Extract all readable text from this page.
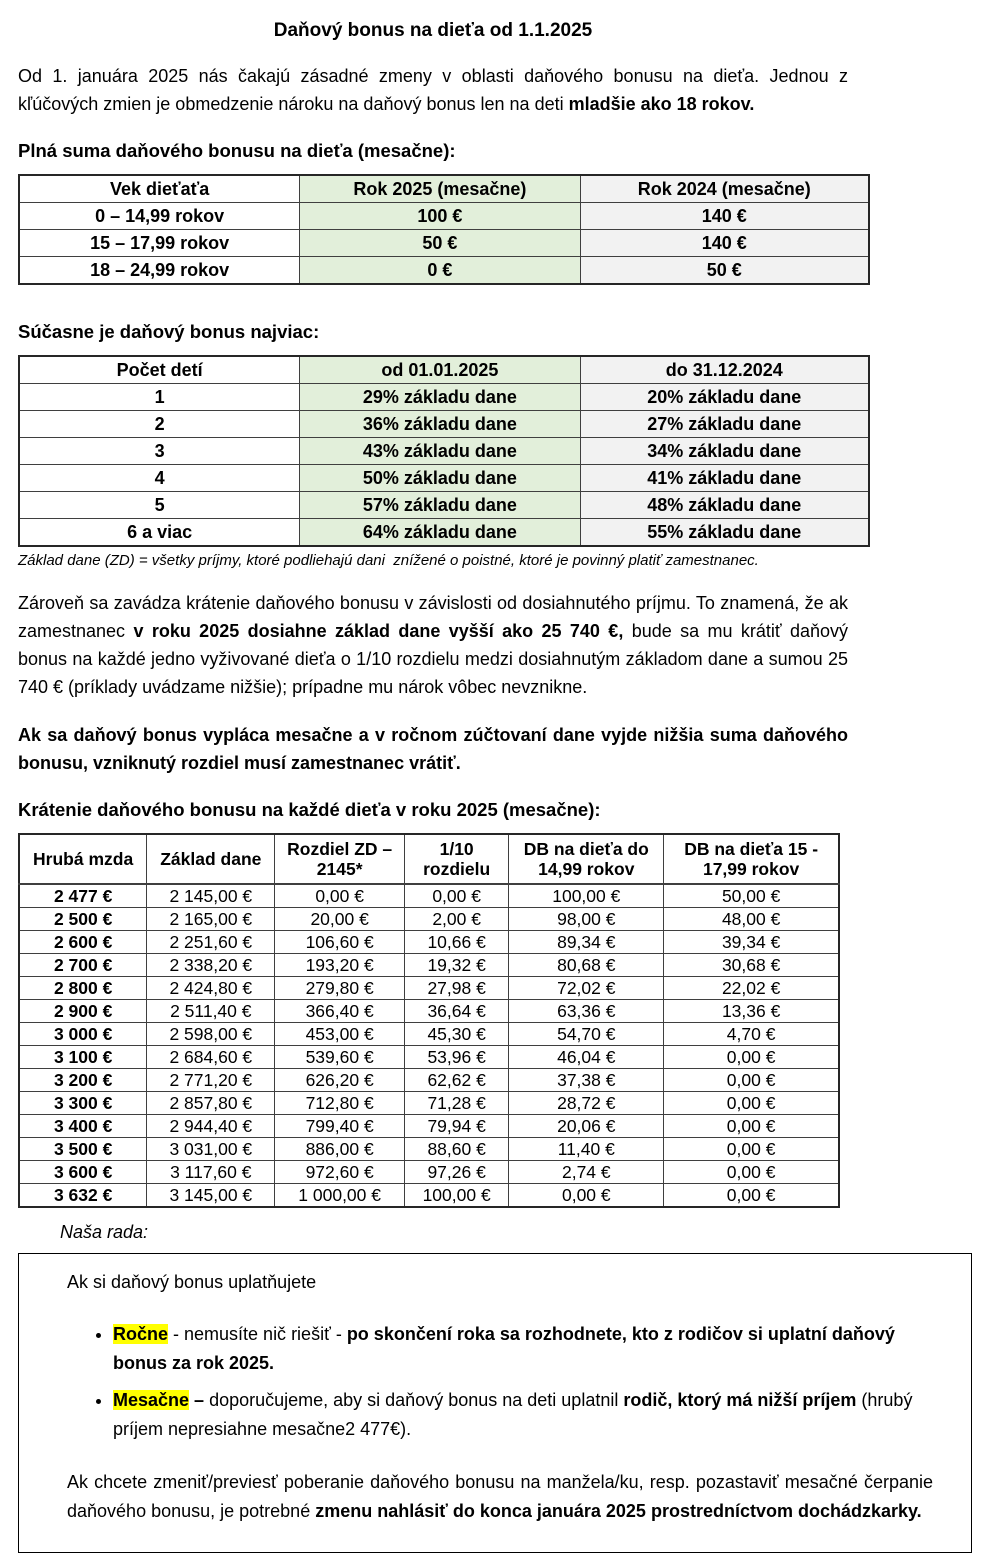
Daňový bonus na dieťa od 1.1.2025

Od 1. januára 2025 nás čakajú zásadné zmeny v oblasti daňového bonusu na dieťa. Jednou z kľúčových zmien je obmedzenie nároku na daňový bonus len na deti mladšie ako 18 rokov.

Plná suma daňového bonusu na dieťa (mesačne):

Vek dieťaťa	Rok 2025 (mesačne)	Rok 2024 (mesačne)
0 – 14,99 rokov	100 €	140 €
15 – 17,99 rokov	50 €	140 €
18 – 24,99 rokov	0 €	50 €

Súčasne je daňový bonus najviac:

Počet detí	od 01.01.2025	do 31.12.2024
1	29% základu dane	20% základu dane
2	36% základu dane	27% základu dane
3	43% základu dane	34% základu dane
4	50% základu dane	41% základu dane
5	57% základu dane	48% základu dane
6 a viac	64% základu dane	55% základu dane

Základ dane (ZD) = všetky príjmy, ktoré podliehajú dani  znížené o poistné, ktoré je povinný platiť zamestnanec.

Zároveň sa zavádza krátenie daňového bonusu v závislosti od dosiahnutého príjmu. To znamená, že ak zamestnanec v roku 2025 dosiahne základ dane vyšší ako 25 740 €, bude sa mu krátiť daňový bonus na každé jedno vyživované dieťa o 1/10 rozdielu medzi dosiahnutým základom dane a sumou 25 740 € (príklady uvádzame nižšie); prípadne mu nárok vôbec nevznikne.

Ak sa daňový bonus vypláca mesačne a v ročnom zúčtovaní dane vyjde nižšia suma daňového bonusu, vzniknutý rozdiel musí zamestnanec vrátiť.

Krátenie daňového bonusu na každé dieťa v roku 2025 (mesačne):

Hrubá mzda	Základ dane	Rozdiel ZD – 2145*	1/10 rozdielu	DB na dieťa do 14,99 rokov	DB na dieťa 15 - 17,99 rokov
2 477 €	2 145,00 €	0,00 €	0,00 €	100,00 €	50,00 €
2 500 €	2 165,00 €	20,00 €	2,00 €	98,00 €	48,00 €
2 600 €	2 251,60 €	106,60 €	10,66 €	89,34 €	39,34 €
2 700 €	2 338,20 €	193,20 €	19,32 €	80,68 €	30,68 €
2 800 €	2 424,80 €	279,80 €	27,98 €	72,02 €	22,02 €
2 900 €	2 511,40 €	366,40 €	36,64 €	63,36 €	13,36 €
3 000 €	2 598,00 €	453,00 €	45,30 €	54,70 €	4,70 €
3 100 €	2 684,60 €	539,60 €	53,96 €	46,04 €	0,00 €
3 200 €	2 771,20 €	626,20 €	62,62 €	37,38 €	0,00 €
3 300 €	2 857,80 €	712,80 €	71,28 €	28,72 €	0,00 €
3 400 €	2 944,40 €	799,40 €	79,94 €	20,06 €	0,00 €
3 500 €	3 031,00 €	886,00 €	88,60 €	11,40 €	0,00 €
3 600 €	3 117,60 €	972,60 €	97,26 €	2,74 €	0,00 €
3 632 €	3 145,00 €	1 000,00 €	100,00 €	0,00 €	0,00 €

Naša rada:

Ak si daňový bonus uplatňujete

• Ročne - nemusíte nič riešiť - po skončení roka sa rozhodnete, kto z rodičov si uplatní daňový bonus za rok 2025.
• Mesačne – doporučujeme, aby si daňový bonus na deti uplatnil rodič, ktorý má nižší príjem (hrubý príjem nepresiahne mesačne2 477€).

Ak chcete zmeniť/previesť poberanie daňového bonusu na manžela/ku, resp. pozastaviť mesačné čerpanie daňového bonusu, je potrebné zmenu nahlásiť do konca januára 2025 prostredníctvom dochádzkarky.
